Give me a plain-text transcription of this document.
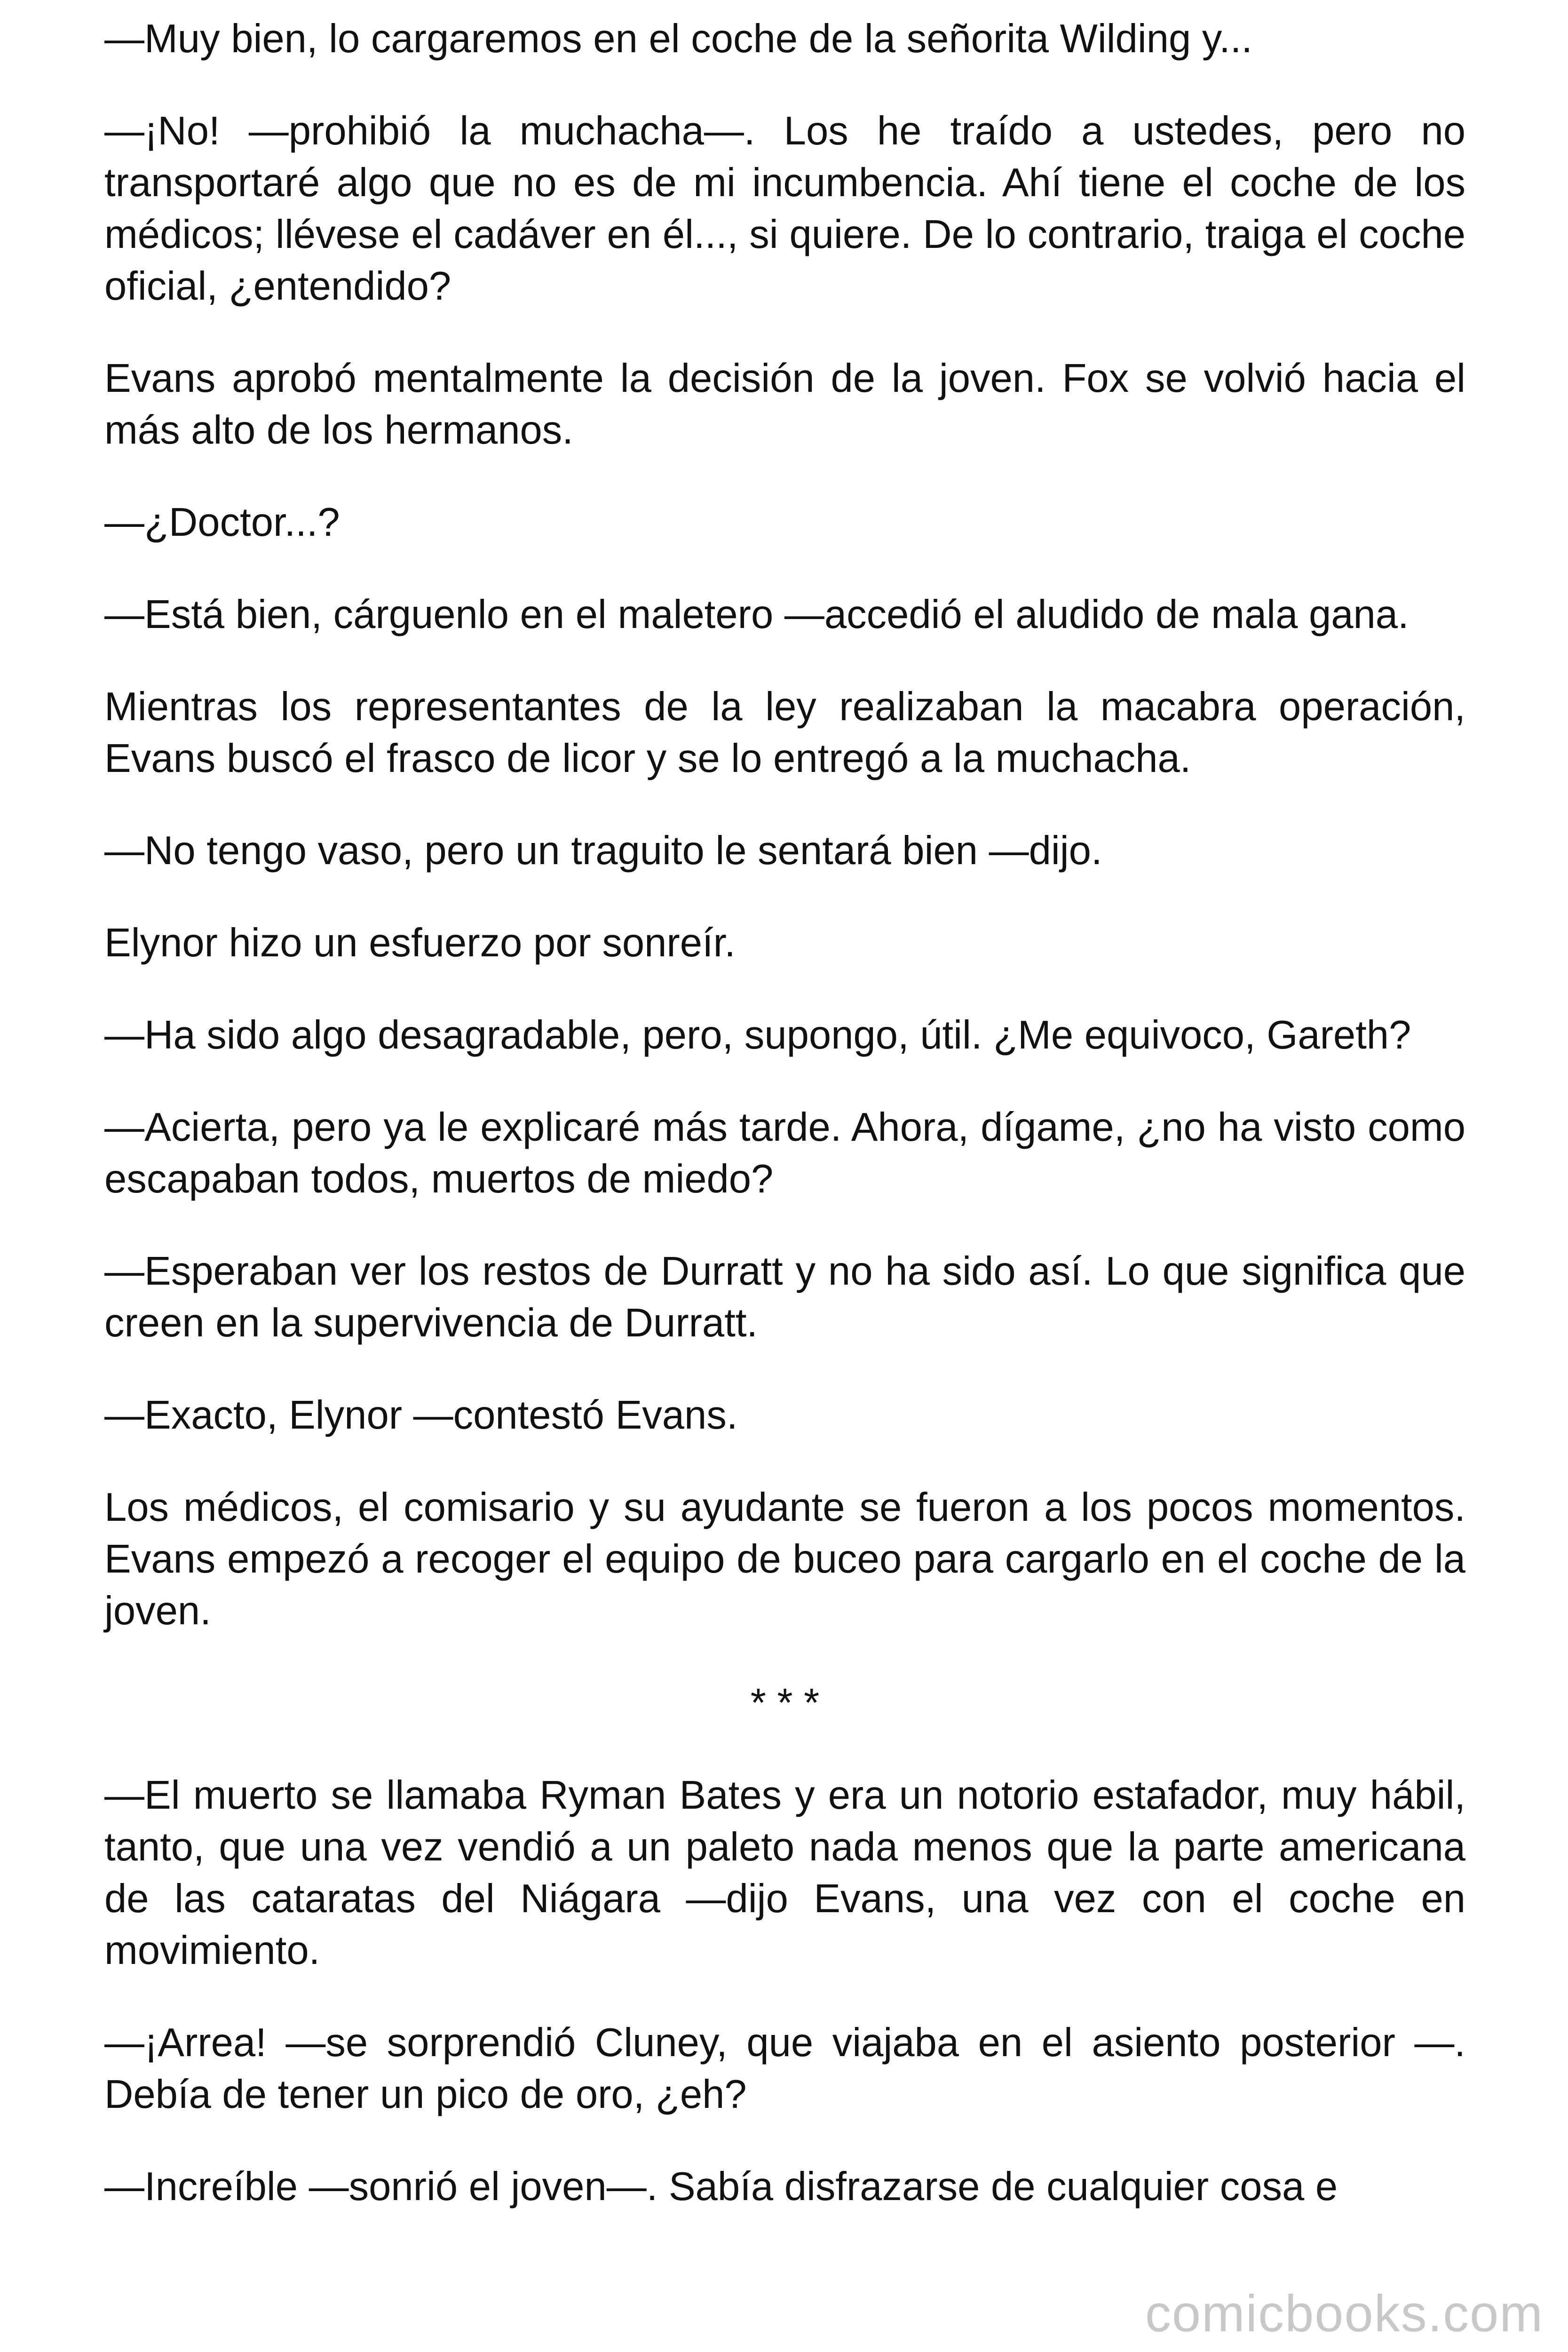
—Muy bien, lo cargaremos en el coche de la señorita Wilding y...

—¡No! —prohibió la muchacha—. Los he traído a ustedes, pero no transportaré algo que no es de mi incumbencia. Ahí tiene el coche de los médicos; llévese el cadáver en él..., si quiere. De lo contrario, traiga el coche oficial, ¿entendido?

Evans aprobó mentalmente la decisión de la joven. Fox se volvió hacia el más alto de los hermanos.

—¿Doctor...?

—Está bien, cárguenlo en el maletero —accedió el aludido de mala gana.

Mientras los representantes de la ley realizaban la macabra operación, Evans buscó el frasco de licor y se lo entregó a la muchacha.

—No tengo vaso, pero un traguito le sentará bien —dijo.

Elynor hizo un esfuerzo por sonreír.

—Ha sido algo desagradable, pero, supongo, útil. ¿Me equivoco, Gareth?

—Acierta, pero ya le explicaré más tarde. Ahora, dígame, ¿no ha visto como escapaban todos, muertos de miedo?

—Esperaban ver los restos de Durratt y no ha sido así. Lo que significa que creen en la supervivencia de Durratt.

—Exacto, Elynor —contestó Evans.

Los médicos, el comisario y su ayudante se fueron a los pocos momentos. Evans empezó a recoger el equipo de buceo para cargarlo en el coche de la joven.

* * *

—El muerto se llamaba Ryman Bates y era un notorio estafador, muy hábil, tanto, que una vez vendió a un paleto nada menos que la parte americana de las cataratas del Niágara —dijo Evans, una vez con el coche en movimiento.

—¡Arrea! —se sorprendió Cluney, que viajaba en el asiento posterior —. Debía de tener un pico de oro, ¿eh?

—Increíble —sonrió el joven—. Sabía disfrazarse de cualquier cosa e

comicbooks.com
